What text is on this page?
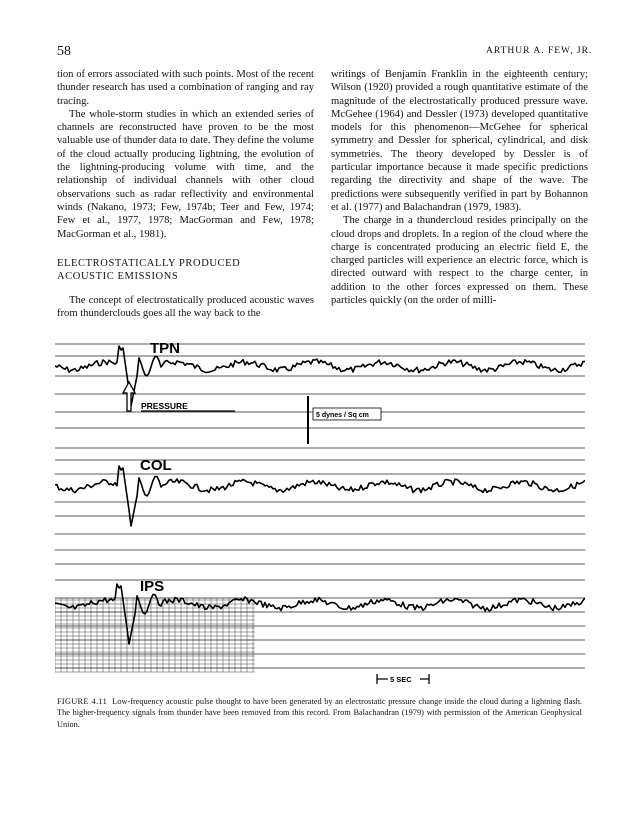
58	ARTHUR A. FEW, JR.

tion of errors associated with such points. Most of the recent thunder research has used a combination of ranging and ray tracing.

The whole-storm studies in which an extended series of channels are reconstructed have proven to be the most valuable use of thunder data to date. They define the volume of the cloud actually producing lightning, the evolution of the lightning-producing volume with time, and the relationship of individual channels with other cloud observations such as radar reflectivity and environmental winds (Nakano, 1973; Few, 1974b; Teer and Few, 1974; Few et al., 1977, 1978; MacGorman and Few, 1978; MacGorman et al., 1981).

ELECTROSTATICALLY PRODUCED
ACOUSTIC EMISSIONS

The concept of electrostatically produced acoustic waves from thunderclouds goes all the way back to the

writings of Benjamin Franklin in the eighteenth century; Wilson (1920) provided a rough quantitative estimate of the magnitude of the electrostatically produced pressure wave. McGehee (1964) and Dessler (1973) developed quantitative models for this phenomenon—McGehee for spherical symmetry and Dessler for spherical, cylindrical, and disk symmetries. The theory developed by Dessler is of particular importance because it made specific predictions regarding the directivity and shape of the wave. The predictions were subsequently verified in part by Bohannon et al. (1977) and Balachandran (1979, 1983).

The charge in a thundercloud resides principally on the cloud drops and droplets. In a region of the cloud where the charge is concentrated producing an electric field E, the charged particles will experience an electric force, which is directed outward with respect to the charge center, in addition to the other forces expressed on them. These particles quickly (on the order of milli-

TPN
COL
IPS
PRESSURE
5 dynes / Sq cm
5 SEC
FIGURE 4.11 Low-frequency acoustic pulse thought to have been generated by an electrostatic pressure change inside the cloud during a lightning flash. The higher-frequency signals from thunder have been removed from this record. From Balachandran (1979) with permission of the American Geophysical Union.
